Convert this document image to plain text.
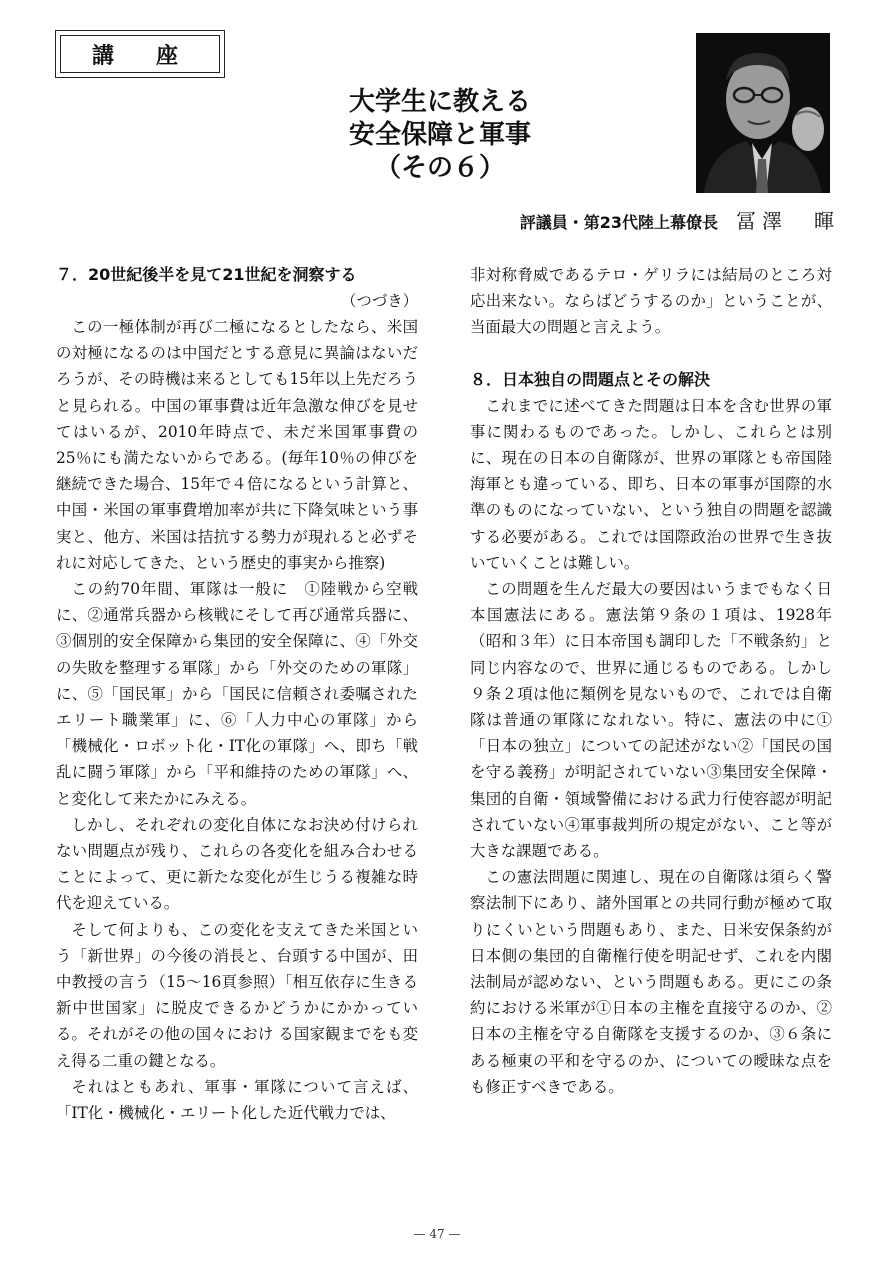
講　座
大学生に教える
安全保障と軍事
（その６）
評議員・第23代陸上幕僚長 冨澤　暉
７．20世紀後半を見て21世紀を洞察する
（つづき）

この一極体制が再び二極になるとしたなら、米国の対極になるのは中国だとする意見に異論はないだろうが、その時機は来るとしても15年以上先だろうと見られる。中国の軍事費は近年急激な伸びを見せてはいるが、2010年時点で、未だ米国軍事費の25％にも満たないからである。(毎年10％の伸びを継続できた場合、15年で４倍になるという計算と、中国・米国の軍事費増加率が共に下降気味という事実と、他方、米国は拮抗する勢力が現れると必ずそれに対応してきた、という歴史的事実から推察)

この約70年間、軍隊は一般に　①陸戦から空戦に、②通常兵器から核戦にそして再び通常兵器に、③個別的安全保障から集団的安全保障に、④「外交の失敗を整理する軍隊」から「外交のための軍隊」に、⑤「国民軍」から「国民に信頼され委嘱されたエリート職業軍」に、⑥「人力中心の軍隊」から「機械化・ロボット化・IT化の軍隊」へ、即ち「戦乱に闘う軍隊」から「平和維持のための軍隊」へ、と変化して来たかにみえる。

しかし、それぞれの変化自体になお決め付けられない問題点が残り、これらの各変化を組み合わせることによって、更に新たな変化が生じうる複雑な時代を迎えている。

そして何よりも、この変化を支えてきた米国という「新世界」の今後の消長と、台頭する中国が、田中教授の言う（15～16頁参照）「相互依存に生きる新中世国家」に脱皮できるかどうかにかかっている。それがその他の国々におけ る国家観までをも変え得る二重の鍵となる。

それはともあれ、軍事・軍隊について言えば、「IT化・機械化・エリート化した近代戦力では、

非対称脅威であるテロ・ゲリラには結局のところ対応出来ない。ならばどうするのか」ということが、当面最大の問題と言えよう。

８．日本独自の問題点とその解決

これまでに述べてきた問題は日本を含む世界の軍事に関わるものであった。しかし、これらとは別に、現在の日本の自衛隊が、世界の軍隊とも帝国陸海軍とも違っている、即ち、日本の軍事が国際的水準のものになっていない、という独自の問題を認識する必要がある。これでは国際政治の世界で生き抜いていくことは難しい。

この問題を生んだ最大の要因はいうまでもなく日本国憲法にある。憲法第９条の１項は、1928年（昭和３年）に日本帝国も調印した「不戦条約」と同じ内容なので、世界に通じるものである。しかし９条２項は他に類例を見ないもので、これでは自衛隊は普通の軍隊になれない。特に、憲法の中に①「日本の独立」についての記述がない②「国民の国を守る義務」が明記されていない③集団安全保障・集団的自衛・領域警備における武力行使容認が明記されていない④軍事裁判所の規定がない、こと等が大きな課題である。

この憲法問題に関連し、現在の自衛隊は須らく警察法制下にあり、諸外国軍との共同行動が極めて取りにくいという問題もあり、また、日米安保条約が日本側の集団的自衛権行使を明記せず、これを内閣法制局が認めない、という問題もある。更にこの条約における米軍が①日本の主権を直接守るのか、②日本の主権を守る自衛隊を支援するのか、③６条にある極東の平和を守るのか、についての曖昧な点をも修正すべきである。

— 47 —
